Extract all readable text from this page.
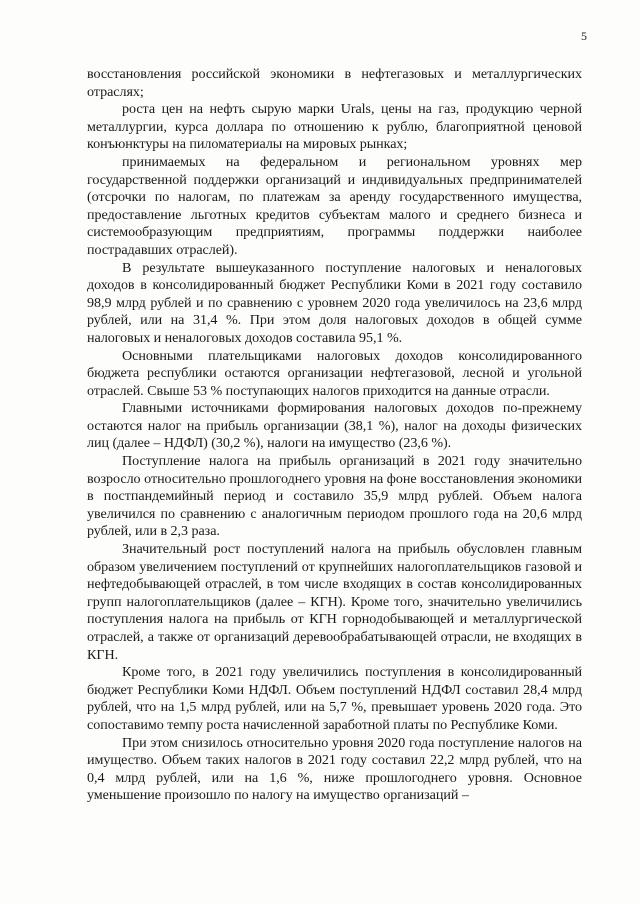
5

восстановления российской экономики в нефтегазовых и металлургических отраслях;

роста цен на нефть сырую марки Urals, цены на газ, продукцию черной металлургии, курса доллара по отношению к рублю, благоприятной ценовой конъюнктуры на пиломатериалы на мировых рынках;

принимаемых на федеральном и региональном уровнях мер государственной поддержки организаций и индивидуальных предпринимателей (отсрочки по налогам, по платежам за аренду государственного имущества, предоставление льготных кредитов субъектам малого и среднего бизнеса и системообразующим предприятиям, программы поддержки наиболее пострадавших отраслей).

В результате вышеуказанного поступление налоговых и неналоговых доходов в консолидированный бюджет Республики Коми в 2021 году составило 98,9 млрд рублей и по сравнению с уровнем 2020 года увеличилось на 23,6 млрд рублей, или на 31,4 %. При этом доля налоговых доходов в общей сумме налоговых и неналоговых доходов составила 95,1 %.

Основными плательщиками налоговых доходов консолидированного бюджета республики остаются организации нефтегазовой, лесной и угольной отраслей. Свыше 53 % поступающих налогов приходится на данные отрасли.

Главными источниками формирования налоговых доходов по-прежнему остаются налог на прибыль организации (38,1 %), налог на доходы физических лиц (далее – НДФЛ) (30,2 %), налоги на имущество (23,6 %).

Поступление налога на прибыль организаций в 2021 году значительно возросло относительно прошлогоднего уровня на фоне восстановления экономики в постпандемийный период и составило 35,9 млрд рублей. Объем налога увеличился по сравнению с аналогичным периодом прошлого года на 20,6 млрд рублей, или в 2,3 раза.

Значительный рост поступлений налога на прибыль обусловлен главным образом увеличением поступлений от крупнейших налогоплательщиков газовой и нефтедобывающей отраслей, в том числе входящих в состав консолидированных групп налогоплательщиков (далее – КГН). Кроме того, значительно увеличились поступления налога на прибыль от КГН горнодобывающей и металлургической отраслей, а также от организаций деревообрабатывающей отрасли, не входящих в КГН.

Кроме того, в 2021 году увеличились поступления в консолидированный бюджет Республики Коми НДФЛ. Объем поступлений НДФЛ составил 28,4 млрд рублей, что на 1,5 млрд рублей, или на 5,7 %, превышает уровень 2020 года. Это сопоставимо темпу роста начисленной заработной платы по Республике Коми.

При этом снизилось относительно уровня 2020 года поступление налогов на имущество. Объем таких налогов в 2021 году составил 22,2 млрд рублей, что на 0,4 млрд рублей, или на 1,6 %, ниже прошлогоднего уровня. Основное уменьшение произошло по налогу на имущество организаций –
